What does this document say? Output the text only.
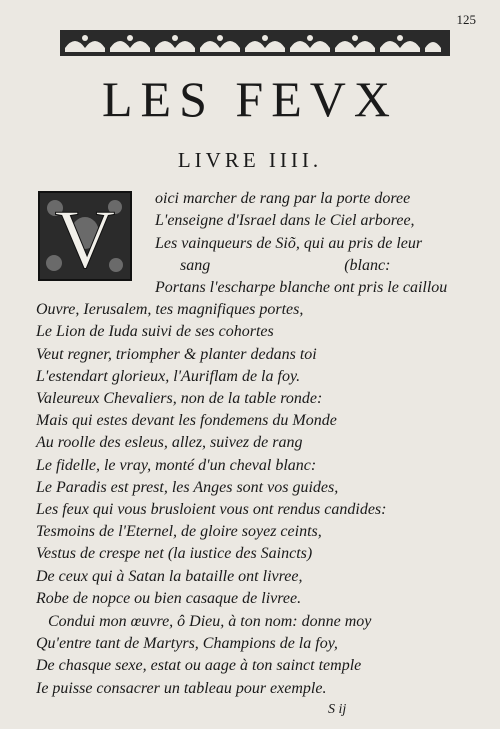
125
LES FEVX
LIVRE IIII.
V oici marcher de rang par la porte doree
L'enseigne d'Israel dans le Ciel arboree,
Les vainqueurs de Siõ, qui au pris de leur
sang (blanc:
Portans l'escharpe blanche ont pris le caillou
Ouvre, Ierusalem, tes magnifiques portes,
Le Lion de Iuda suivi de ses cohortes
Veut regner, triompher & planter dedans toi
L'estendart glorieux, l'Auriflam de la foy.
Valeureux Chevaliers, non de la table ronde:
Mais qui estes devant les fondemens du Monde
Au roolle des esleus, allez, suivez de rang
Le fidelle, le vray, monté d'un cheval blanc:
Le Paradis est prest, les Anges sont vos guides,
Les feux qui vous brusloient vous ont rendus candides:
Tesmoins de l'Eternel, de gloire soyez ceints,
Vestus de crespe net (la iustice des Saincts)
De ceux qui à Satan la bataille ont livree,
Robe de nopce ou bien casaque de livree.
Condui mon œuvre, ô Dieu, à ton nom: donne moy
Qu'entre tant de Martyrs, Champions de la foy,
De chasque sexe, estat ou aage à ton sainct temple
Ie puisse consacrer un tableau pour exemple.
S ij
